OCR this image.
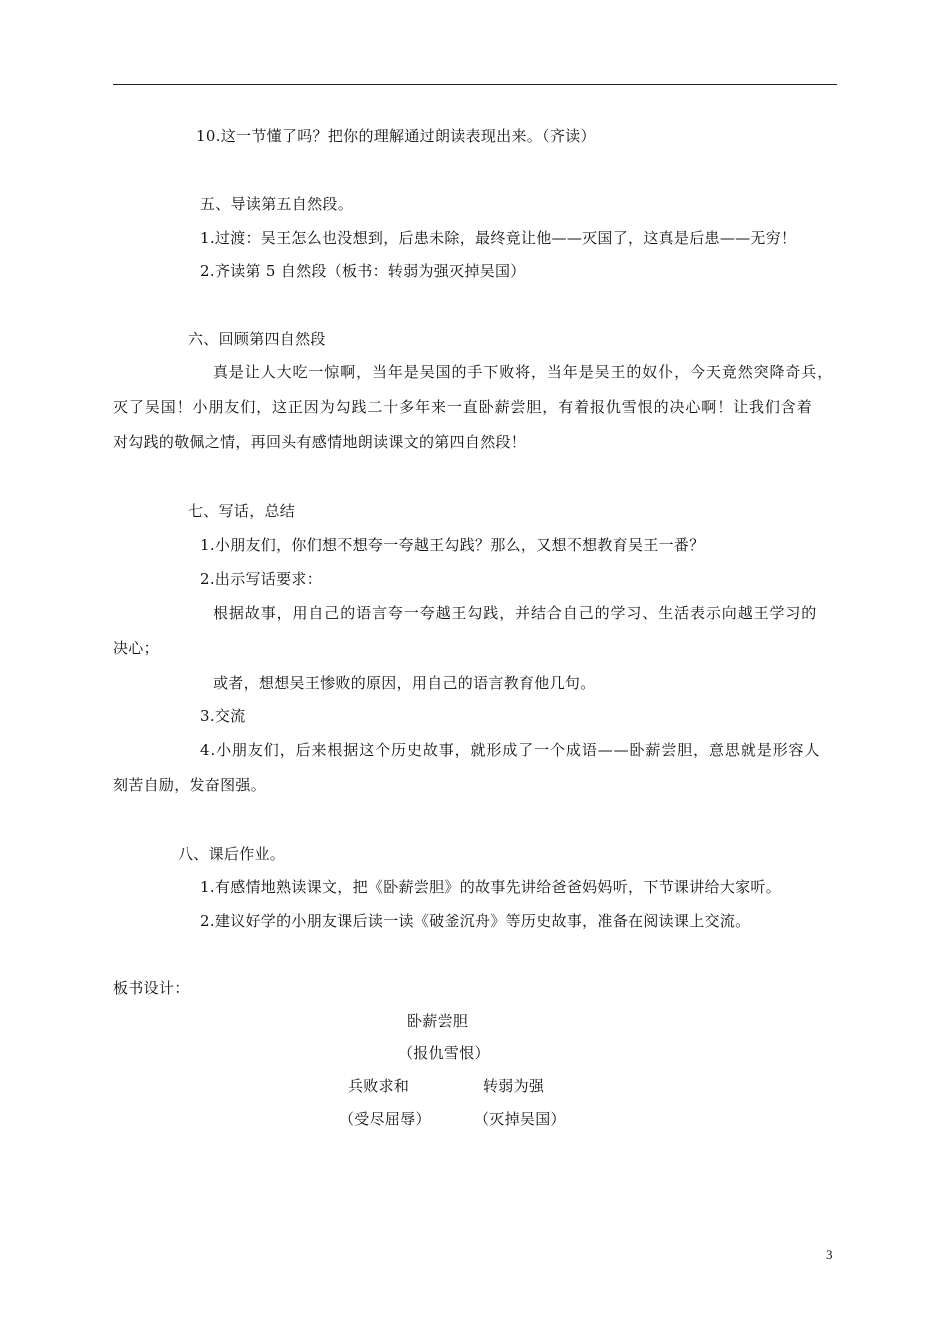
10.这一节懂了吗？把你的理解通过朗读表现出来。（齐读）
五、导读第五自然段。
1.过渡：吴王怎么也没想到，后患未除，最终竟让他——灭国了，这真是后患——无穷！
2.齐读第 5 自然段（板书：转弱为强灭掉吴国）
六、回顾第四自然段
真是让人大吃一惊啊，当年是吴国的手下败将，当年是吴王的奴仆，今天竟然突降奇兵，
灭了吴国！小朋友们，这正因为勾践二十多年来一直卧薪尝胆，有着报仇雪恨的决心啊！让我们含着
对勾践的敬佩之情，再回头有感情地朗读课文的第四自然段！
七、写话，总结
1.小朋友们，你们想不想夸一夸越王勾践？那么，又想不想教育吴王一番？
2.出示写话要求：
根据故事，用自己的语言夸一夸越王勾践，并结合自己的学习、生活表示向越王学习的
决心；
或者，想想吴王惨败的原因，用自己的语言教育他几句。
3.交流
4.小朋友们，后来根据这个历史故事，就形成了一个成语——卧薪尝胆，意思就是形容人
刻苦自励，发奋图强。
八、课后作业。
1.有感情地熟读课文，把《卧薪尝胆》的故事先讲给爸爸妈妈听，下节课讲给大家听。
2.建议好学的小朋友课后读一读《破釜沉舟》等历史故事，准备在阅读课上交流。
板书设计：
卧薪尝胆
（报仇雪恨）
兵败求和	转弱为强
（受尽屈辱）	（灭掉吴国）
3
